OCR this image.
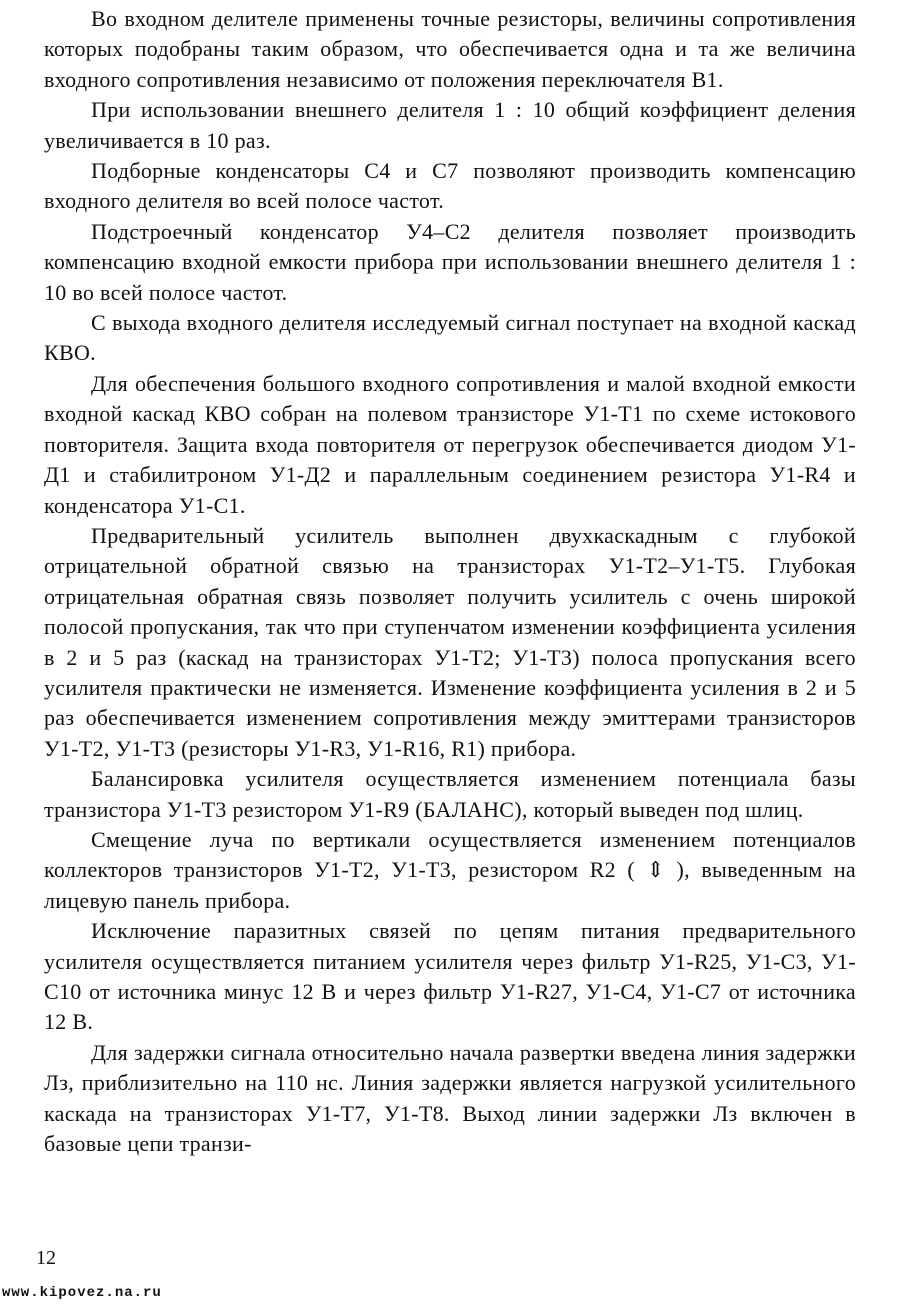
Во входном делителе применены точные резисторы, величины сопротивления которых подобраны таким образом, что обеспечивается одна и та же величина входного сопротивления независимо от положения переключателя В1.

При использовании внешнего делителя 1 : 10 общий коэффициент деления увеличивается в 10 раз.

Подборные конденсаторы С4 и С7 позволяют производить компенсацию входного делителя во всей полосе частот.

Подстроечный конденсатор У4–С2 делителя позволяет производить компенсацию входной емкости прибора при использовании внешнего делителя 1 : 10 во всей полосе частот.

С выхода входного делителя исследуемый сигнал поступает на входной каскад КВО.

Для обеспечения большого входного сопротивления и малой входной емкости входной каскад КВО собран на полевом транзисторе У1-Т1 по схеме истокового повторителя. Защита входа повторителя от перегрузок обеспечивается диодом У1-Д1 и стабилитроном У1-Д2 и параллельным соединением резистора У1-R4 и конденсатора У1-С1.

Предварительный усилитель выполнен двухкаскадным с глубокой отрицательной обратной связью на транзисторах У1-Т2–У1-Т5. Глубокая отрицательная обратная связь позволяет получить усилитель с очень широкой полосой пропускания, так что при ступенчатом изменении коэффициента усиления в 2 и 5 раз (каскад на транзисторах У1-Т2; У1-Т3) полоса пропускания всего усилителя практически не изменяется. Изменение коэффициента усиления в 2 и 5 раз обеспечивается изменением сопротивления между эмиттерами транзисторов У1-Т2, У1-Т3 (резисторы У1-R3, У1-R16, R1) прибора.

Балансировка усилителя осуществляется изменением потенциала базы транзистора У1-Т3 резистором У1-R9 (БАЛАНС), который выведен под шлиц.

Смещение луча по вертикали осуществляется изменением потенциалов коллекторов транзисторов У1-Т2, У1-Т3, резистором R2 ( ⇕ ), выведенным на лицевую панель прибора.

Исключение паразитных связей по цепям питания предварительного усилителя осуществляется питанием усилителя через фильтр У1-R25, У1-С3, У1-С10 от источника минус 12 В и через фильтр У1-R27, У1-С4, У1-С7 от источника 12 В.

Для задержки сигнала относительно начала развертки введена линия задержки Лз, приблизительно на 110 нс. Линия задержки является нагрузкой усилительного каскада на транзисторах У1-Т7, У1-Т8. Выход линии задержки Лз включен в базовые цепи транзи-

12
www.kipovez.na.ru
